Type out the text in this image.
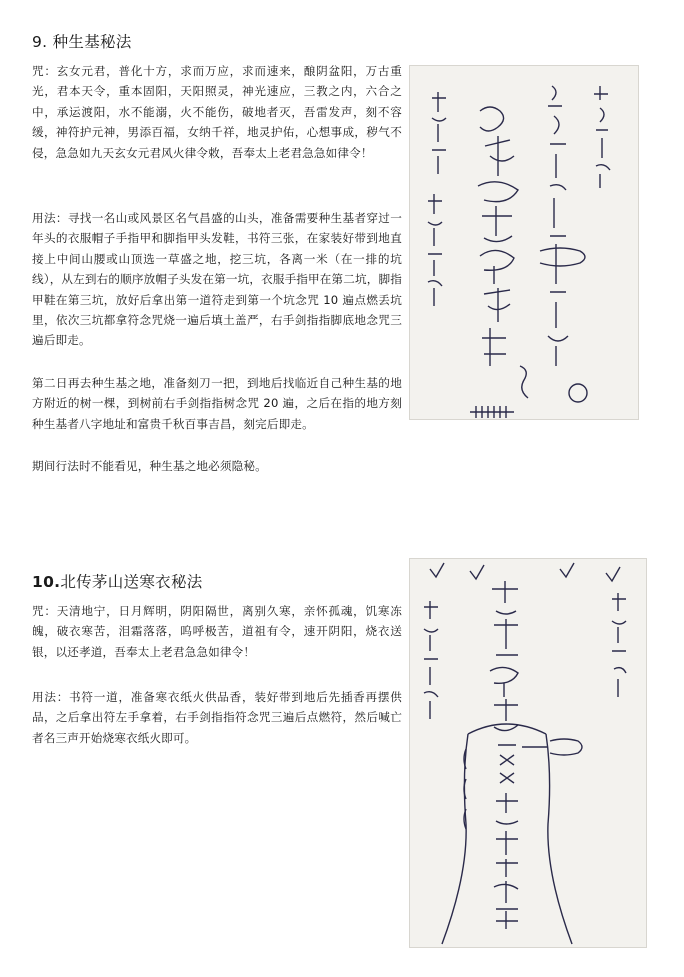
9. 种生基秘法

咒：玄女元君，普化十方，求而万应，求而速来，酿阴盆阳，万古重光，君本天令，重本固阳，天阳照灵，神光速应，三教之内，六合之中，承运渡阳，水不能溺，火不能伤，破地者灭，吾雷发声，刻不容缓，神符护元神，男添百福，女纳千祥，地灵护佑，心想事成，秽气不侵，急急如九天玄女元君风火律令敕，吾奉太上老君急急如律令！

用法：寻找一名山或风景区名气昌盛的山头，准备需要种生基者穿过一年头的衣服帽子手指甲和脚指甲头发鞋，书符三张，在家装好带到地直接上中间山腰或山顶选一草盛之地，挖三坑，各离一米（在一排的坑线），从左到右的顺序放帽子头发在第一坑，衣服手指甲在第二坑，脚指甲鞋在第三坑，放好后拿出第一道符走到第一个坑念咒 10 遍点燃丢坑里，依次三坑都拿符念咒烧一遍后填土盖严，右手剑指指脚底地念咒三遍后即走。

第二日再去种生基之地，准备刻刀一把，到地后找临近自己种生基的地方附近的树一棵，到树前右手剑指指树念咒 20 遍，之后在指的地方刻种生基者八字地址和富贵千秋百事吉昌，刻完后即走。

期间行法时不能看见，种生基之地必须隐秘。

10.北传茅山送寒衣秘法

咒：天清地宁，日月辉明，阴阳隔世，离别久寒，亲怀孤魂，饥寒冻魄，破衣寒苦，泪霜落落，呜呼极苦，道祖有令，速开阴阳，烧衣送银，以还孝道，吾奉太上老君急急如律令！

用法：书符一道，准备寒衣纸火供品香，装好带到地后先插香再摆供品，之后拿出符左手拿着，右手剑指指符念咒三遍后点燃符，然后喊亡者名三声开始烧寒衣纸火即可。
